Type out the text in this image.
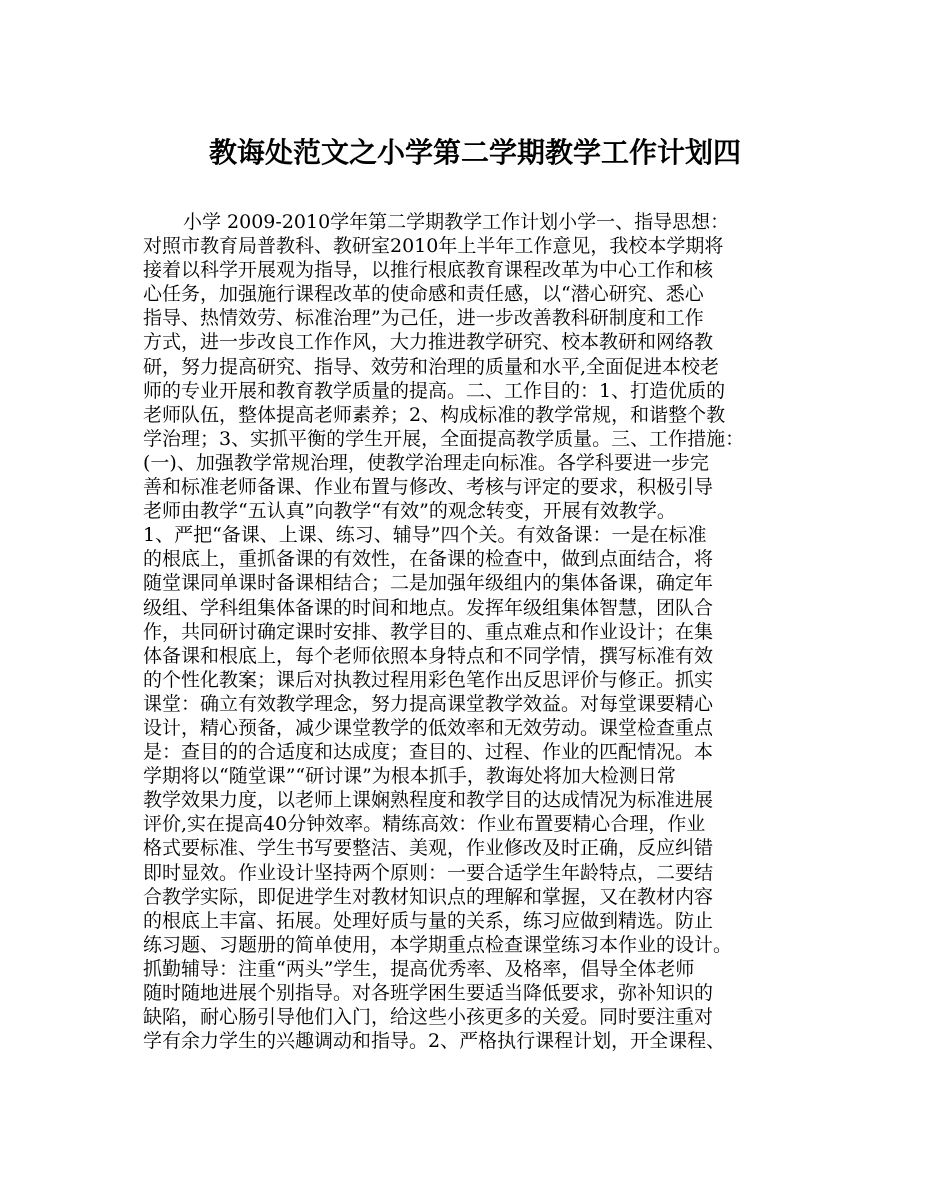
教诲处范文之小学第二学期教学工作计划四
小学 2009-2010学年第二学期教学工作计划小学一、指导思想：
对照市教育局普教科、教研室2010年上半年工作意见，我校本学期将
接着以科学开展观为指导，以推行根底教育课程改革为中心工作和核
心任务，加强施行课程改革的使命感和责任感，以“潜心研究、悉心
指导、热情效劳、标准治理”为己任，进一步改善教科研制度和工作
方式，进一步改良工作作风，大力推进教学研究、校本教研和网络教
研，努力提高研究、指导、效劳和治理的质量和水平,全面促进本校老
师的专业开展和教育教学质量的提高。二、工作目的：1、打造优质的
老师队伍，整体提高老师素养；2、构成标准的教学常规，和谐整个教
学治理；3、实抓平衡的学生开展，全面提高教学质量。三、工作措施：
(一)、加强教学常规治理，使教学治理走向标准。各学科要进一步完
善和标准老师备课、作业布置与修改、考核与评定的要求，积极引导
老师由教学“五认真”向教学“有效”的观念转变，开展有效教学。
1、严把“备课、上课、练习、辅导”四个关。有效备课：一是在标准
的根底上，重抓备课的有效性，在备课的检查中，做到点面结合，将
随堂课同单课时备课相结合；二是加强年级组内的集体备课，确定年
级组、学科组集体备课的时间和地点。发挥年级组集体智慧，团队合
作，共同研讨确定课时安排、教学目的、重点难点和作业设计；在集
体备课和根底上，每个老师依照本身特点和不同学情，撰写标准有效
的个性化教案；课后对执教过程用彩色笔作出反思评价与修正。抓实
课堂：确立有效教学理念，努力提高课堂教学效益。对每堂课要精心
设计，精心预备，减少课堂教学的低效率和无效劳动。课堂检查重点
是：查目的的合适度和达成度；查目的、过程、作业的匹配情况。本
学期将以“随堂课”“研讨课”为根本抓手，教诲处将加大检测日常
教学效果力度，以老师上课娴熟程度和教学目的达成情况为标准进展
评价,实在提高40分钟效率。精练高效：作业布置要精心合理，作业
格式要标准、学生书写要整洁、美观，作业修改及时正确，反应纠错
即时显效。作业设计坚持两个原则：一要合适学生年龄特点，二要结
合教学实际，即促进学生对教材知识点的理解和掌握，又在教材内容
的根底上丰富、拓展。处理好质与量的关系，练习应做到精选。防止
练习题、习题册的简单使用，本学期重点检查课堂练习本作业的设计。
抓勤辅导：注重“两头”学生，提高优秀率、及格率，倡导全体老师
随时随地进展个别指导。对各班学困生要适当降低要求，弥补知识的
缺陷，耐心肠引导他们入门，给这些小孩更多的关爱。同时要注重对
学有余力学生的兴趣调动和指导。2、严格执行课程计划，开全课程、
